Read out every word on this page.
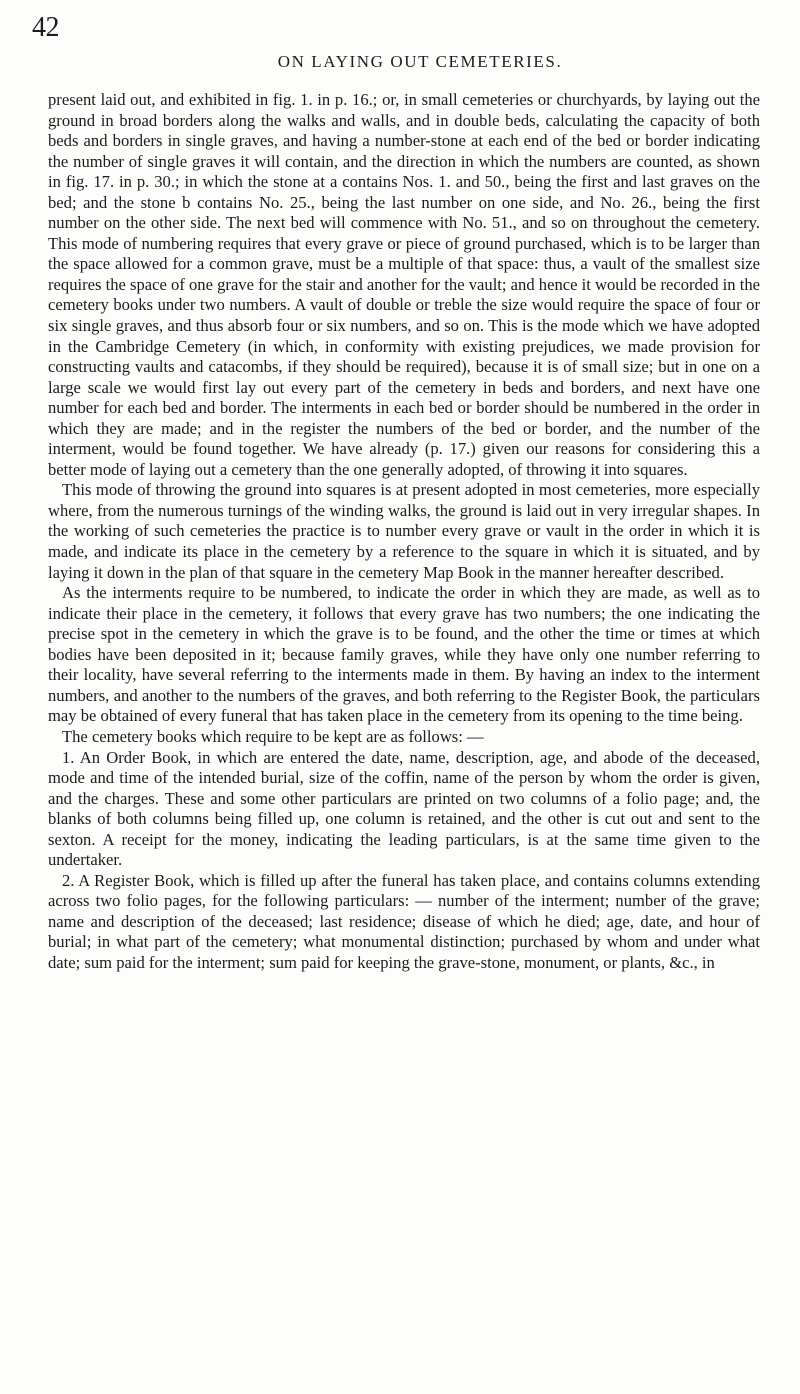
42
ON LAYING OUT CEMETERIES.

present laid out, and exhibited in fig. 1. in p. 16.; or, in small cemeteries or churchyards, by laying out the ground in broad borders along the walks and walls, and in double beds, calculating the capacity of both beds and borders in single graves, and having a number-stone at each end of the bed or border indicating the number of single graves it will contain, and the direction in which the numbers are counted, as shown in fig. 17. in p. 30.; in which the stone at a contains Nos. 1. and 50., being the first and last graves on the bed; and the stone b contains No. 25., being the last number on one side, and No. 26., being the first number on the other side. The next bed will commence with No. 51., and so on throughout the cemetery. This mode of numbering requires that every grave or piece of ground purchased, which is to be larger than the space allowed for a common grave, must be a multiple of that space: thus, a vault of the smallest size requires the space of one grave for the stair and another for the vault; and hence it would be recorded in the cemetery books under two numbers. A vault of double or treble the size would require the space of four or six single graves, and thus absorb four or six numbers, and so on. This is the mode which we have adopted in the Cambridge Cemetery (in which, in conformity with existing prejudices, we made provision for constructing vaults and catacombs, if they should be required), because it is of small size; but in one on a large scale we would first lay out every part of the cemetery in beds and borders, and next have one number for each bed and border. The interments in each bed or border should be numbered in the order in which they are made; and in the register the numbers of the bed or border, and the number of the interment, would be found together. We have already (p. 17.) given our reasons for considering this a better mode of laying out a cemetery than the one generally adopted, of throwing it into squares.

This mode of throwing the ground into squares is at present adopted in most cemeteries, more especially where, from the numerous turnings of the winding walks, the ground is laid out in very irregular shapes. In the working of such cemeteries the practice is to number every grave or vault in the order in which it is made, and indicate its place in the cemetery by a reference to the square in which it is situated, and by laying it down in the plan of that square in the cemetery Map Book in the manner hereafter described.

As the interments require to be numbered, to indicate the order in which they are made, as well as to indicate their place in the cemetery, it follows that every grave has two numbers; the one indicating the precise spot in the cemetery in which the grave is to be found, and the other the time or times at which bodies have been deposited in it; because family graves, while they have only one number referring to their locality, have several referring to the interments made in them. By having an index to the interment numbers, and another to the numbers of the graves, and both referring to the Register Book, the particulars may be obtained of every funeral that has taken place in the cemetery from its opening to the time being.

The cemetery books which require to be kept are as follows: —

1. An Order Book, in which are entered the date, name, description, age, and abode of the deceased, mode and time of the intended burial, size of the coffin, name of the person by whom the order is given, and the charges. These and some other particulars are printed on two columns of a folio page; and, the blanks of both columns being filled up, one column is retained, and the other is cut out and sent to the sexton. A receipt for the money, indicating the leading particulars, is at the same time given to the undertaker.

2. A Register Book, which is filled up after the funeral has taken place, and contains columns extending across two folio pages, for the following particulars: — number of the interment; number of the grave; name and description of the deceased; last residence; disease of which he died; age, date, and hour of burial; in what part of the cemetery; what monumental distinction; purchased by whom and under what date; sum paid for the interment; sum paid for keeping the grave-stone, monument, or plants, &c., in
